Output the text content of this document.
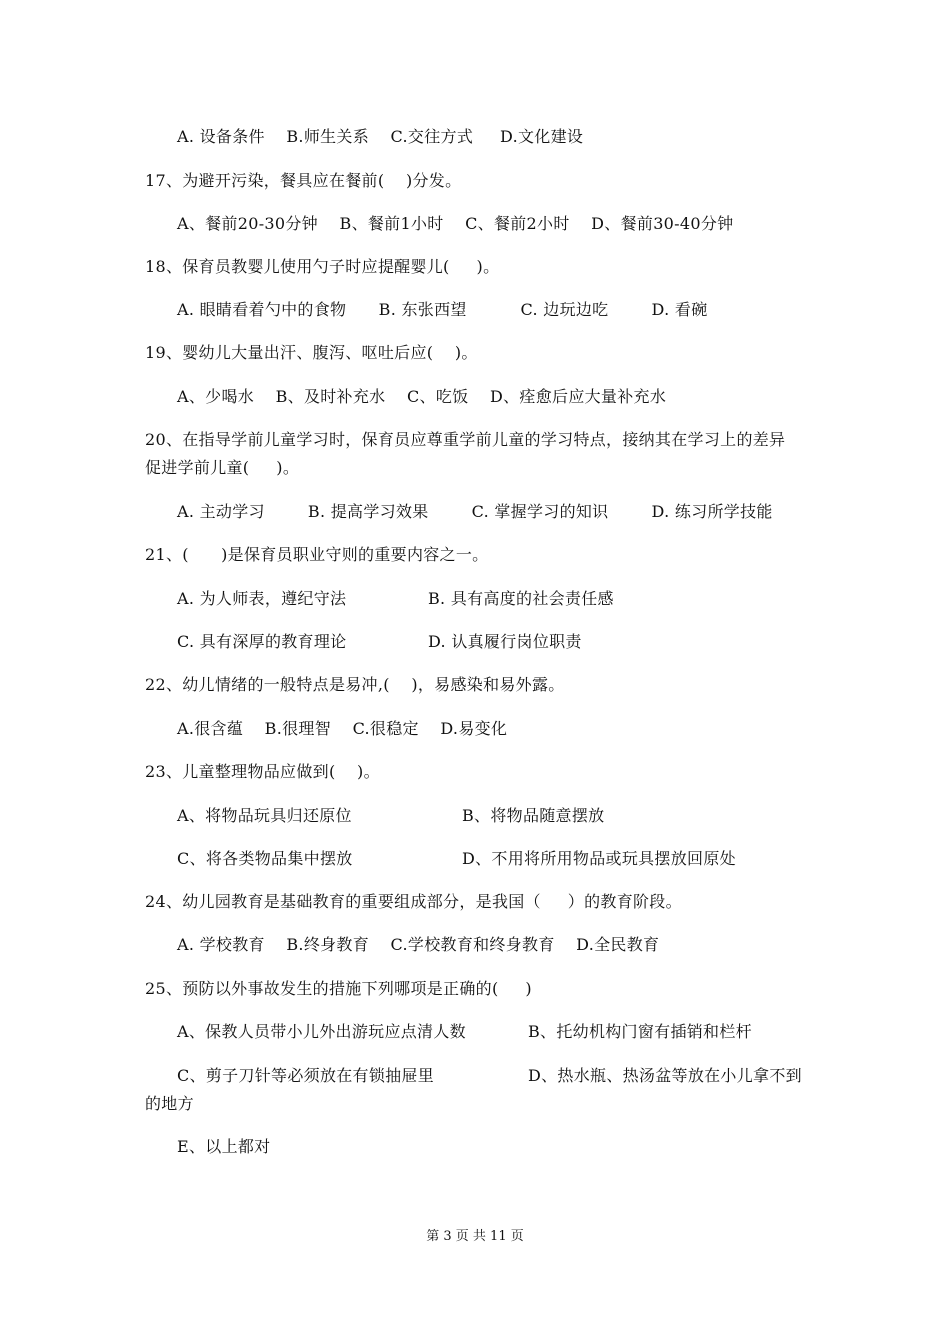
A. 设备条件    B.师生关系    C.交往方式     D.文化建设
17、为避开污染，餐具应在餐前(    )分发。
A、餐前20-30分钟    B、餐前1小时    C、餐前2小时    D、餐前30-40分钟
18、保育员教婴儿使用勺子时应提醒婴儿(     )。
A. 眼睛看着勺中的食物      B. 东张西望          C. 边玩边吃        D. 看碗
19、婴幼儿大量出汗、腹泻、呕吐后应(    )。
A、少喝水    B、及时补充水    C、吃饭    D、痊愈后应大量补充水
20、在指导学前儿童学习时，保育员应尊重学前儿童的学习特点，接纳其在学习上的差异
促进学前儿童(     )。
A. 主动学习        B. 提高学习效果        C. 掌握学习的知识        D. 练习所学技能
21、(      )是保育员职业守则的重要内容之一。
A. 为人师表，遵纪守法	B. 具有高度的社会责任感
C. 具有深厚的教育理论	D. 认真履行岗位职责
22、幼儿情绪的一般特点是易冲,(    )，易感染和易外露。
A.很含蕴    B.很理智    C.很稳定    D.易变化
23、儿童整理物品应做到(    )。
A、将物品玩具归还原位	B、将物品随意摆放
C、将各类物品集中摆放	D、不用将所用物品或玩具摆放回原处
24、幼儿园教育是基础教育的重要组成部分，是我国（     ）的教育阶段。
A. 学校教育    B.终身教育    C.学校教育和终身教育    D.全民教育
25、预防以外事故发生的措施下列哪项是正确的(     )
A、保教人员带小儿外出游玩应点清人数	B、托幼机构门窗有插销和栏杆
C、剪子刀针等必须放在有锁抽屉里	D、热水瓶、热汤盆等放在小儿拿不到
的地方
E、以上都对
第 3 页 共 11 页
